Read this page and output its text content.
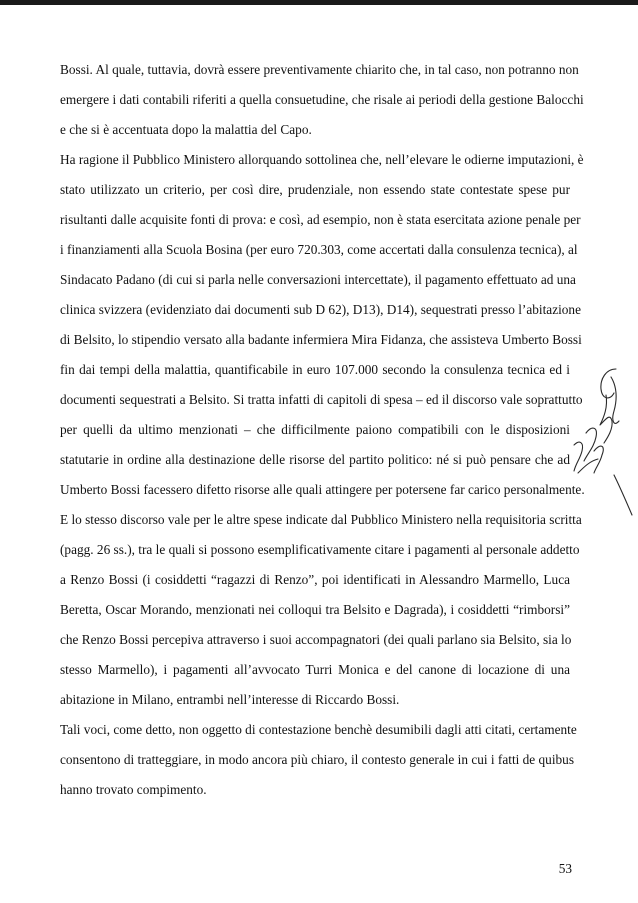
Bossi. Al quale, tuttavia, dovrà essere preventivamente chiarito che, in tal caso, non potranno non
emergere i dati contabili riferiti a quella consuetudine, che risale ai periodi della gestione Balocchi
e che si è accentuata dopo la malattia del Capo.
Ha ragione il Pubblico Ministero allorquando sottolinea che, nell’elevare le odierne imputazioni, è
stato utilizzato un criterio, per così dire, prudenziale, non essendo state contestate spese pur
risultanti dalle acquisite fonti di prova: e così, ad esempio, non è stata esercitata azione penale per
i finanziamenti alla Scuola Bosina (per euro 720.303, come accertati dalla consulenza tecnica), al
Sindacato Padano (di cui si parla nelle conversazioni intercettate), il pagamento effettuato ad una
clinica svizzera (evidenziato dai documenti sub D 62), D13), D14), sequestrati presso l’abitazione
di Belsito, lo stipendio versato alla badante infermiera Mira Fidanza, che assisteva Umberto Bossi
fin dai tempi della malattia, quantificabile in euro 107.000 secondo la consulenza tecnica ed i
documenti sequestrati a Belsito. Si tratta infatti di capitoli di spesa – ed il discorso vale soprattutto
per quelli da ultimo menzionati – che difficilmente paiono compatibili con le disposizioni
statutarie in ordine alla destinazione delle risorse del partito politico: né si può pensare che ad
Umberto Bossi facessero difetto risorse alle quali attingere per potersene far carico personalmente.
E lo stesso discorso vale per le altre spese indicate dal Pubblico Ministero nella requisitoria scritta
(pagg. 26 ss.), tra le quali si possono esemplificativamente citare i pagamenti al personale addetto
a Renzo Bossi (i cosiddetti “ragazzi di Renzo”, poi identificati in Alessandro Marmello, Luca
Beretta, Oscar Morando, menzionati nei colloqui tra Belsito e Dagrada), i cosiddetti “rimborsi”
che Renzo Bossi percepiva attraverso i suoi accompagnatori (dei quali parlano sia Belsito, sia lo
stesso Marmello), i pagamenti all’avvocato Turri Monica e del canone di locazione di una
abitazione in Milano, entrambi nell’interesse di Riccardo Bossi.
Tali voci, come detto, non oggetto di contestazione benchè desumibili dagli atti citati, certamente
consentono di tratteggiare, in modo ancora più chiaro, il contesto generale in cui i fatti de quibus
hanno trovato compimento.
53
